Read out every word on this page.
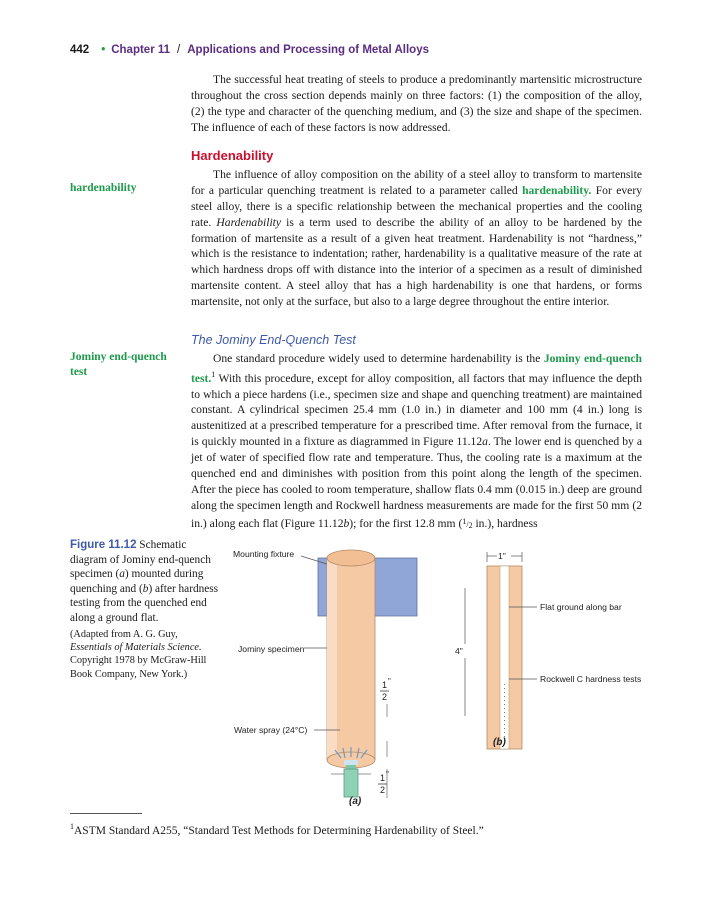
442 • Chapter 11 / Applications and Processing of Metal Alloys

The successful heat treating of steels to produce a predominantly martensitic microstructure throughout the cross section depends mainly on three factors: (1) the composition of the alloy, (2) the type and character of the quenching medium, and (3) the size and shape of the specimen. The influence of each of these factors is now addressed.

Hardenability

The influence of alloy composition on the ability of a steel alloy to transform to martensite for a particular quenching treatment is related to a parameter called hardenability. For every steel alloy, there is a specific relationship between the mechanical properties and the cooling rate. Hardenability is a term used to describe the ability of an alloy to be hardened by the formation of martensite as a result of a given heat treatment. Hardenability is not “hardness,” which is the resistance to indentation; rather, hardenability is a qualitative measure of the rate at which hardness drops off with distance into the interior of a specimen as a result of diminished martensite content. A steel alloy that has a high hardenability is one that hardens, or forms martensite, not only at the surface, but also to a large degree throughout the entire interior.

hardenability
The Jominy End-Quench Test

One standard procedure widely used to determine hardenability is the Jominy end-quench test.$^1$ With this procedure, except for alloy composition, all factors that may influence the depth to which a piece hardens (i.e., specimen size and shape and quenching treatment) are maintained constant. A cylindrical specimen 25.4 mm (1.0 in.) in diameter and 100 mm (4 in.) long is austenitized at a prescribed temperature for a prescribed time. After removal from the furnace, it is quickly mounted in a fixture as diagrammed in Figure 11.12a. The lower end is quenched by a jet of water of specified flow rate and temperature. Thus, the cooling rate is a maximum at the quenched end and diminishes with position from this point along the length of the specimen. After the piece has cooled to room temperature, shallow flats 0.4 mm (0.015 in.) deep are ground along the specimen length and Rockwell hardness measurements are made for the first 50 mm (2 in.) along each flat (Figure 11.12b); for the first 12.8 mm ($^1$/2 in.), hardness

Jominy end-quench test
Figure 11.12 Schematic diagram of Jominy end-quench specimen (a) mounted during quenching and (b) after hardness testing from the quenched end along a ground flat.
(Adapted from A. G. Guy, Essentials of Materials Science. Copyright 1978 by McGraw-Hill Book Company, New York.)
Mounting fixture
Jominy specimen
Water spray (24°C)
1 "
2
1 "
2
(a)
1"
4"
Flat ground along bar
Rockwell C hardness tests
(b)
$^1$ASTM Standard A255, “Standard Test Methods for Determining Hardenability of Steel.”
